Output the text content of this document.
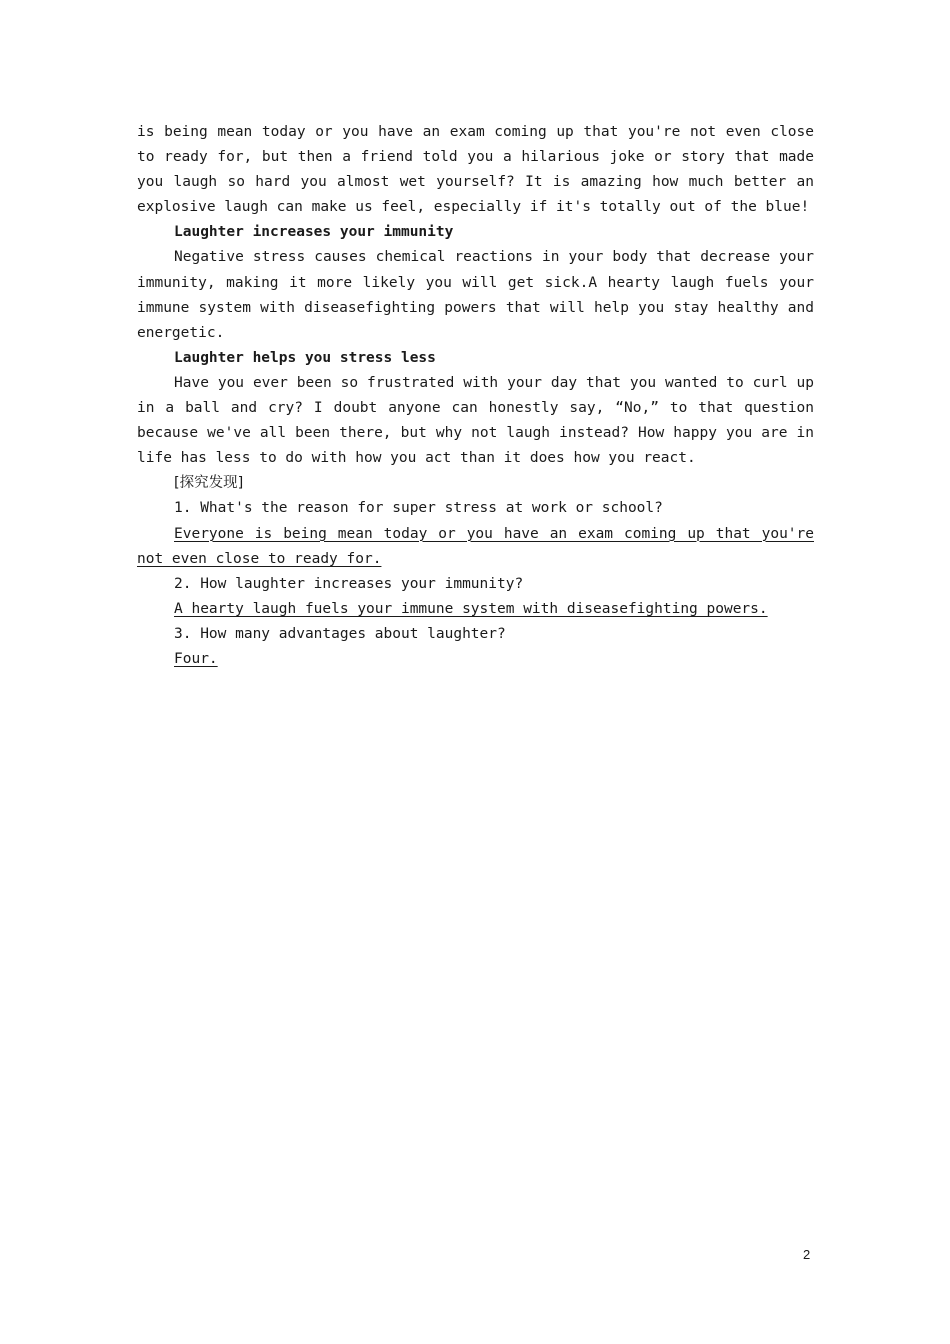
is being mean today or you have an exam coming up that you're not even close to ready for, but then a friend told you a hilarious joke or story that made you laugh so hard you almost wet yourself? It is amazing how much better an explosive laugh can make us feel, especially if it's totally out of the blue!

Laughter increases your immunity

Negative stress causes chemical reactions in your body that decrease your immunity, making it more likely you will get sick.A hearty laugh fuels your immune system with diseasefighting powers that will help you stay healthy and energetic.

Laughter helps you stress less

Have you ever been so frustrated with your day that you wanted to curl up in a ball and cry? I doubt anyone can honestly say, “No,” to that question because we've all been there, but why not laugh instead? How happy you are in life has less to do with how you act than it does how you react.

[探究发现]

1. What's the reason for super stress at work or school?

Everyone is being mean today or you have an exam coming up that you're not even close to ready for.

2. How laughter increases your immunity?

A hearty laugh fuels your immune system with diseasefighting powers.

3. How many advantages about laughter?

Four.

2
